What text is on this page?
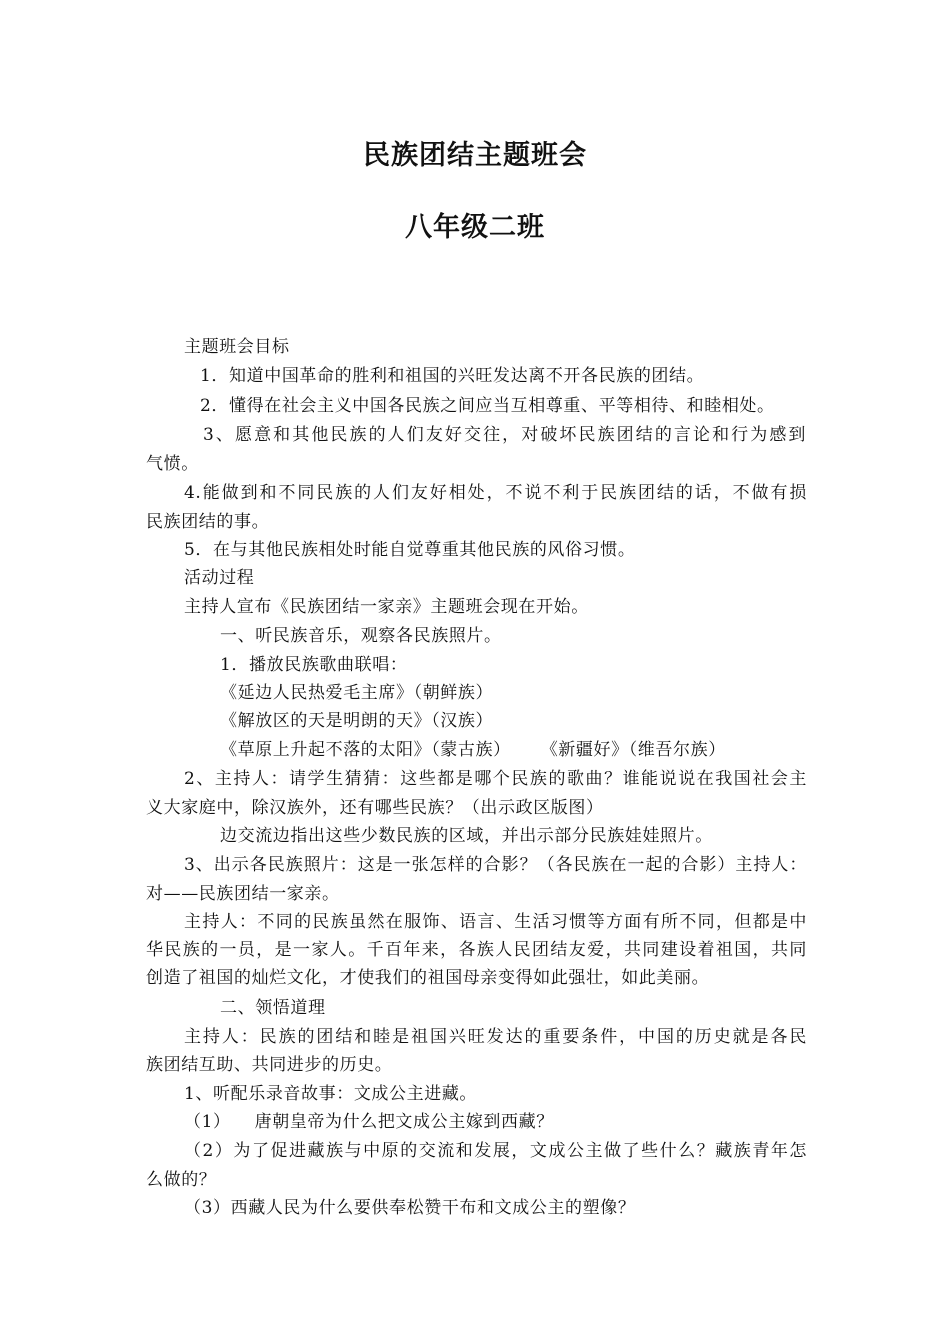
民族团结主题班会
八年级二班
主题班会目标
1．知道中国革命的胜利和祖国的兴旺发达离不开各民族的团结。
2．懂得在社会主义中国各民族之间应当互相尊重、平等相待、和睦相处。
3、愿意和其他民族的人们友好交往，对破坏民族团结的言论和行为感到
气愤。
4.能做到和不同民族的人们友好相处，不说不利于民族团结的话，不做有损
民族团结的事。
5．在与其他民族相处时能自觉尊重其他民族的风俗习惯。
活动过程
主持人宣布《民族团结一家亲》主题班会现在开始。
一、听民族音乐，观察各民族照片。
1．播放民族歌曲联唱：
《延边人民热爱毛主席》（朝鲜族）
《解放区的天是明朗的天》（汉族）
《草原上升起不落的太阳》（蒙古族） 《新疆好》（维吾尔族）
2、主持人：请学生猜猜：这些都是哪个民族的歌曲？谁能说说在我国社会主
义大家庭中，除汉族外，还有哪些民族？（出示政区版图）
边交流边指出这些少数民族的区域，并出示部分民族娃娃照片。
3、出示各民族照片：这是一张怎样的合影？（各民族在一起的合影）主持人：
对——民族团结一家亲。
主持人：不同的民族虽然在服饰、语言、生活习惯等方面有所不同，但都是中
华民族的一员，是一家人。千百年来，各族人民团结友爱，共同建设着祖国，共同
创造了祖国的灿烂文化，才使我们的祖国母亲变得如此强壮，如此美丽。
二、领悟道理
主持人：民族的团结和睦是祖国兴旺发达的重要条件，中国的历史就是各民
族团结互助、共同进步的历史。
1、听配乐录音故事：文成公主进藏。
（1） 唐朝皇帝为什么把文成公主嫁到西藏？
（2）为了促进藏族与中原的交流和发展，文成公主做了些什么？藏族青年怎
么做的？
（3）西藏人民为什么要供奉松赞干布和文成公主的塑像？
